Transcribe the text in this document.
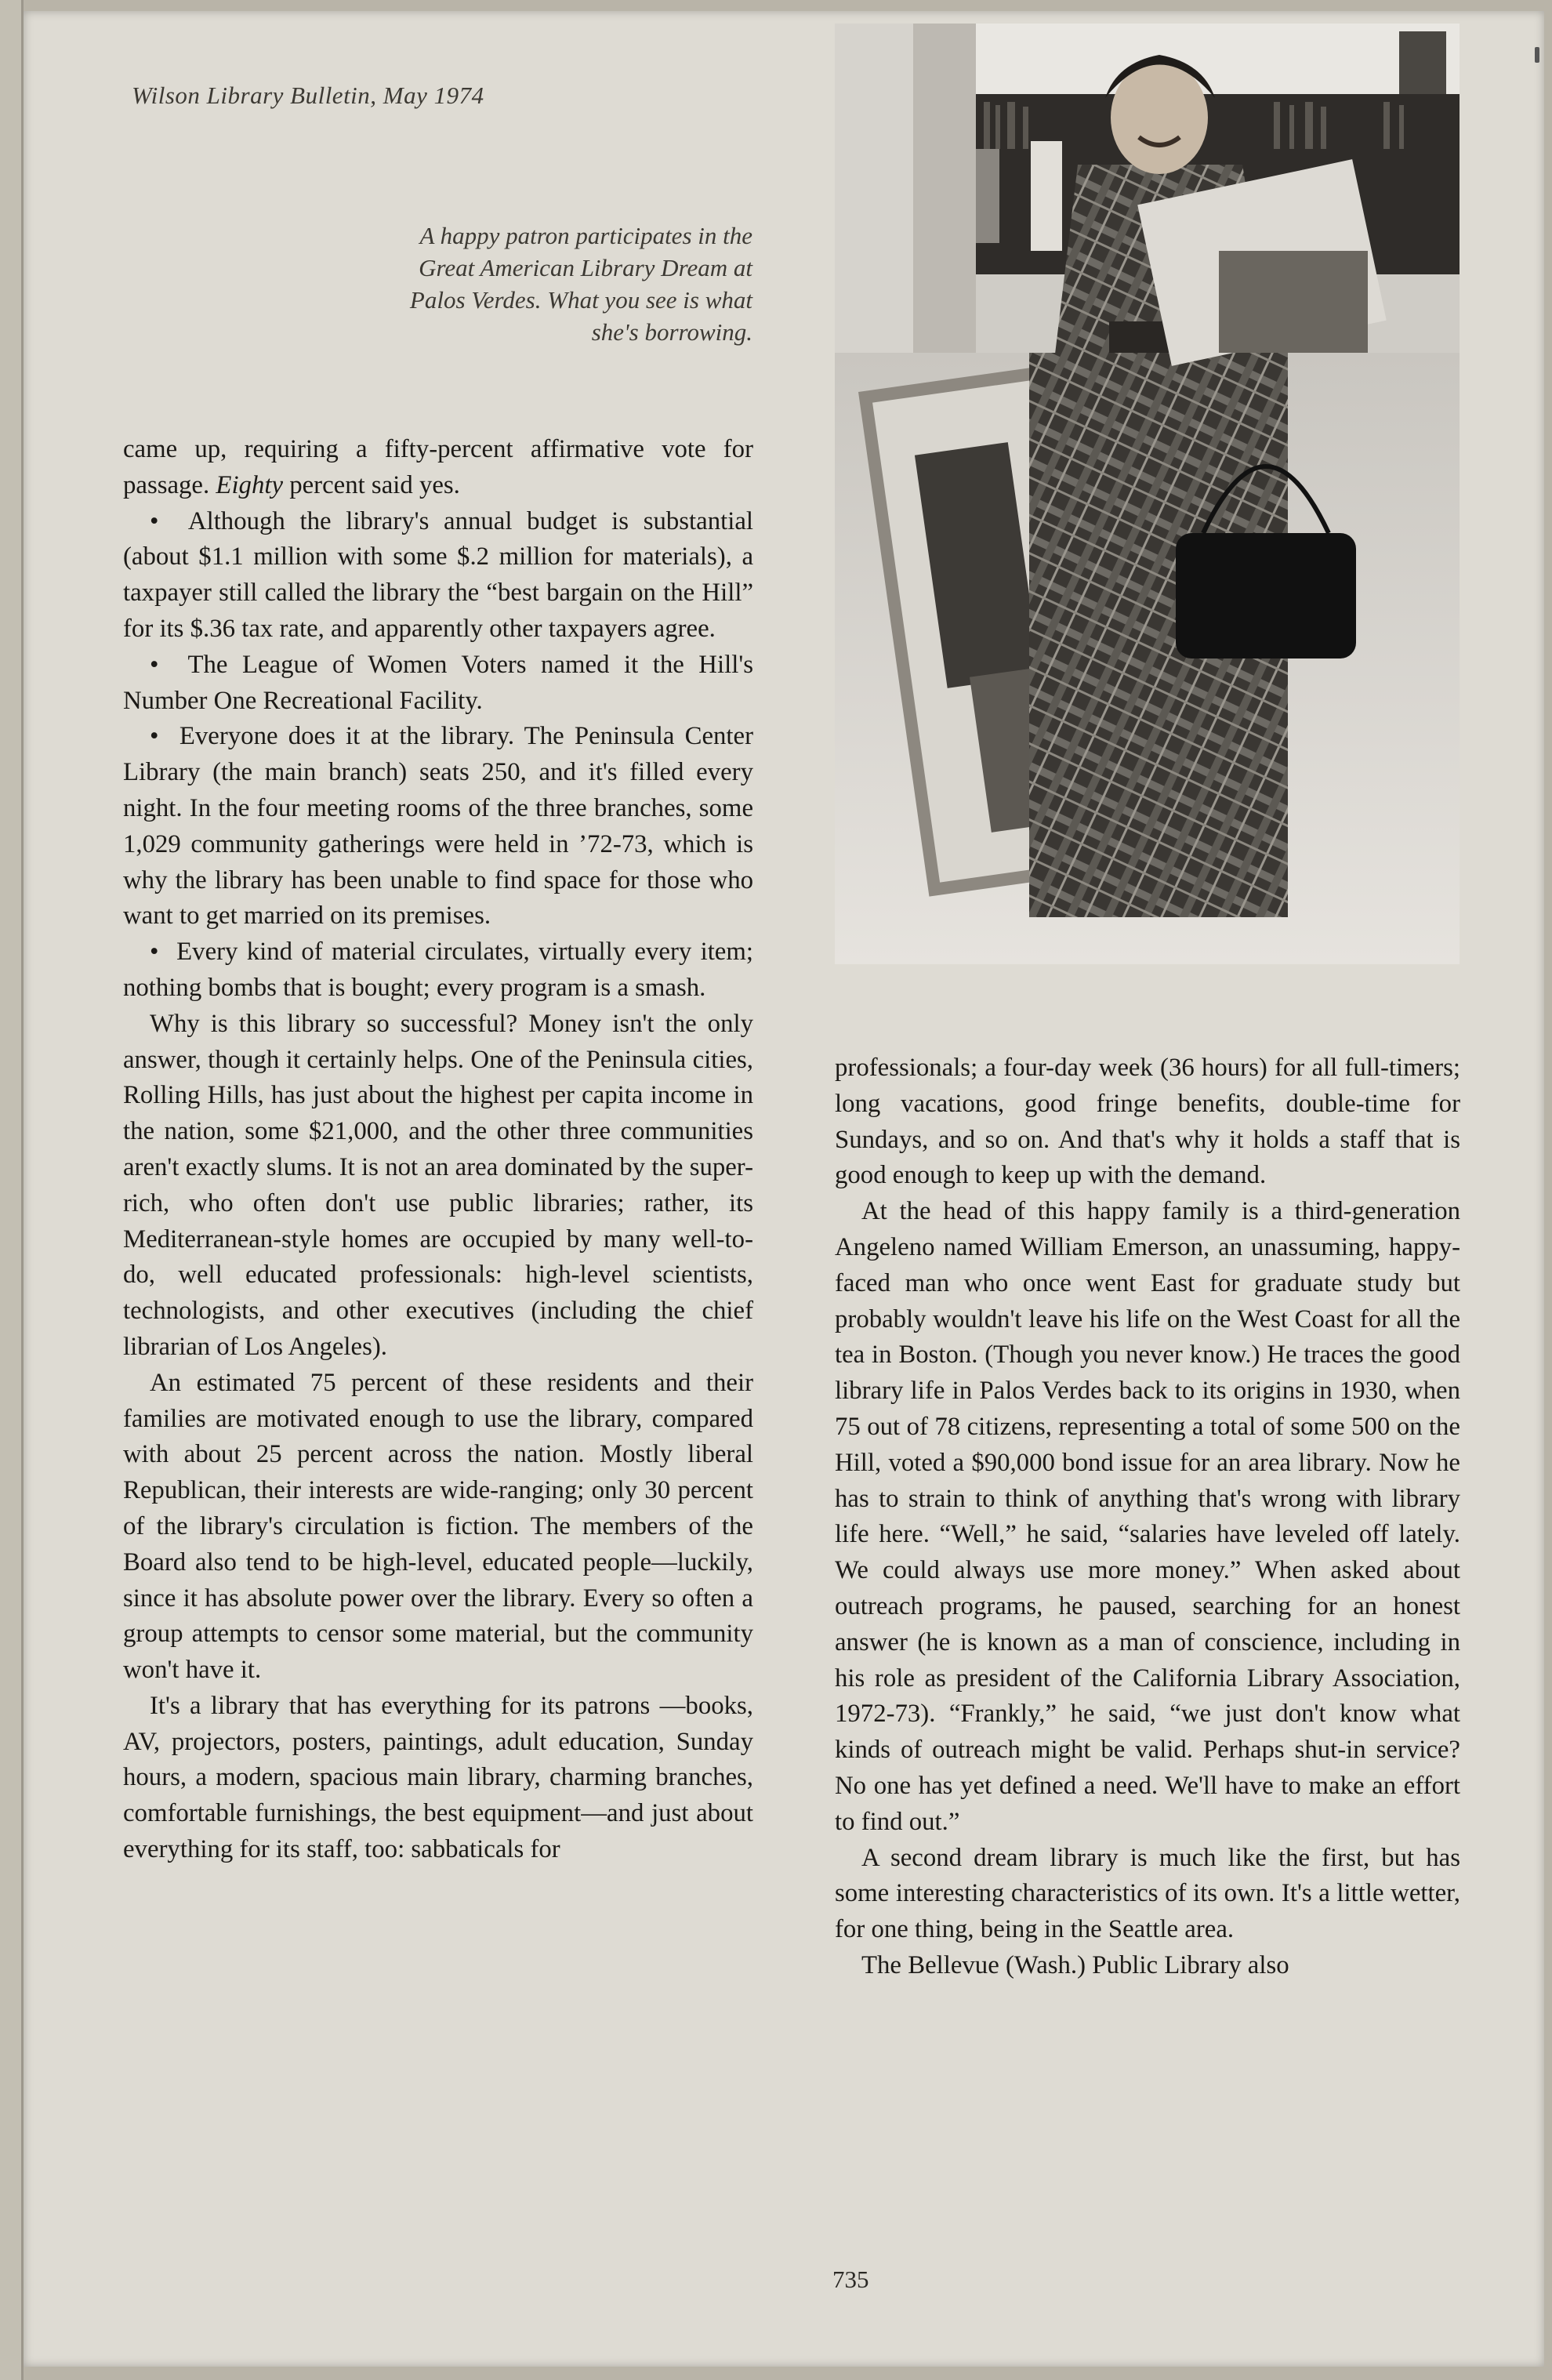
Wilson Library Bulletin, May 1974
A happy patron participates in the
Great American Library Dream at
Palos Verdes. What you see is what
she's borrowing.

came up, requiring a fifty-percent affirmative vote for passage. Eighty percent said yes.

•  Although the library's annual budget is substantial (about $1.1 million with some $.2 million for materials), a taxpayer still called the library the “best bargain on the Hill” for its $.36 tax rate, and apparently other taxpayers agree.

•  The League of Women Voters named it the Hill's Number One Recreational Facility.

•  Everyone does it at the library. The Peninsula Center Library (the main branch) seats 250, and it's filled every night. In the four meeting rooms of the three branches, some 1,029 community gatherings were held in ’72-73, which is why the library has been unable to find space for those who want to get married on its premises.

•  Every kind of material circulates, virtually every item; nothing bombs that is bought; every program is a smash.

Why is this library so successful? Money isn't the only answer, though it certainly helps. One of the Peninsula cities, Rolling Hills, has just about the highest per capita income in the nation, some $21,000, and the other three communities aren't exactly slums. It is not an area dominated by the super-rich, who often don't use public libraries; rather, its Mediterranean-style homes are occupied by many well-to-do, well educated professionals: high-level scientists, technologists, and other executives (including the chief librarian of Los Angeles).

An estimated 75 percent of these residents and their families are motivated enough to use the library, compared with about 25 percent across the nation. Mostly liberal Republican, their interests are wide-ranging; only 30 percent of the library's circulation is fiction. The members of the Board also tend to be high-level, educated people—luckily, since it has absolute power over the library. Every so often a group attempts to censor some material, but the community won't have it.

It's a library that has everything for its patrons —books, AV, projectors, posters, paintings, adult education, Sunday hours, a modern, spacious main library, charming branches, comfortable furnishings, the best equipment—and just about everything for its staff, too: sabbaticals for

professionals; a four-day week (36 hours) for all full-timers; long vacations, good fringe benefits, double-time for Sundays, and so on. And that's why it holds a staff that is good enough to keep up with the demand.

At the head of this happy family is a third-generation Angeleno named William Emerson, an unassuming, happy-faced man who once went East for graduate study but probably wouldn't leave his life on the West Coast for all the tea in Boston. (Though you never know.) He traces the good library life in Palos Verdes back to its origins in 1930, when 75 out of 78 citizens, representing a total of some 500 on the Hill, voted a $90,000 bond issue for an area library. Now he has to strain to think of anything that's wrong with library life here. “Well,” he said, “salaries have leveled off lately. We could always use more money.” When asked about outreach programs, he paused, searching for an honest answer (he is known as a man of conscience, including in his role as president of the California Library Association, 1972-73). “Frankly,” he said, “we just don't know what kinds of outreach might be valid. Perhaps shut-in service? No one has yet defined a need. We'll have to make an effort to find out.”

A second dream library is much like the first, but has some interesting characteristics of its own. It's a little wetter, for one thing, being in the Seattle area.

The Bellevue (Wash.) Public Library also

735
